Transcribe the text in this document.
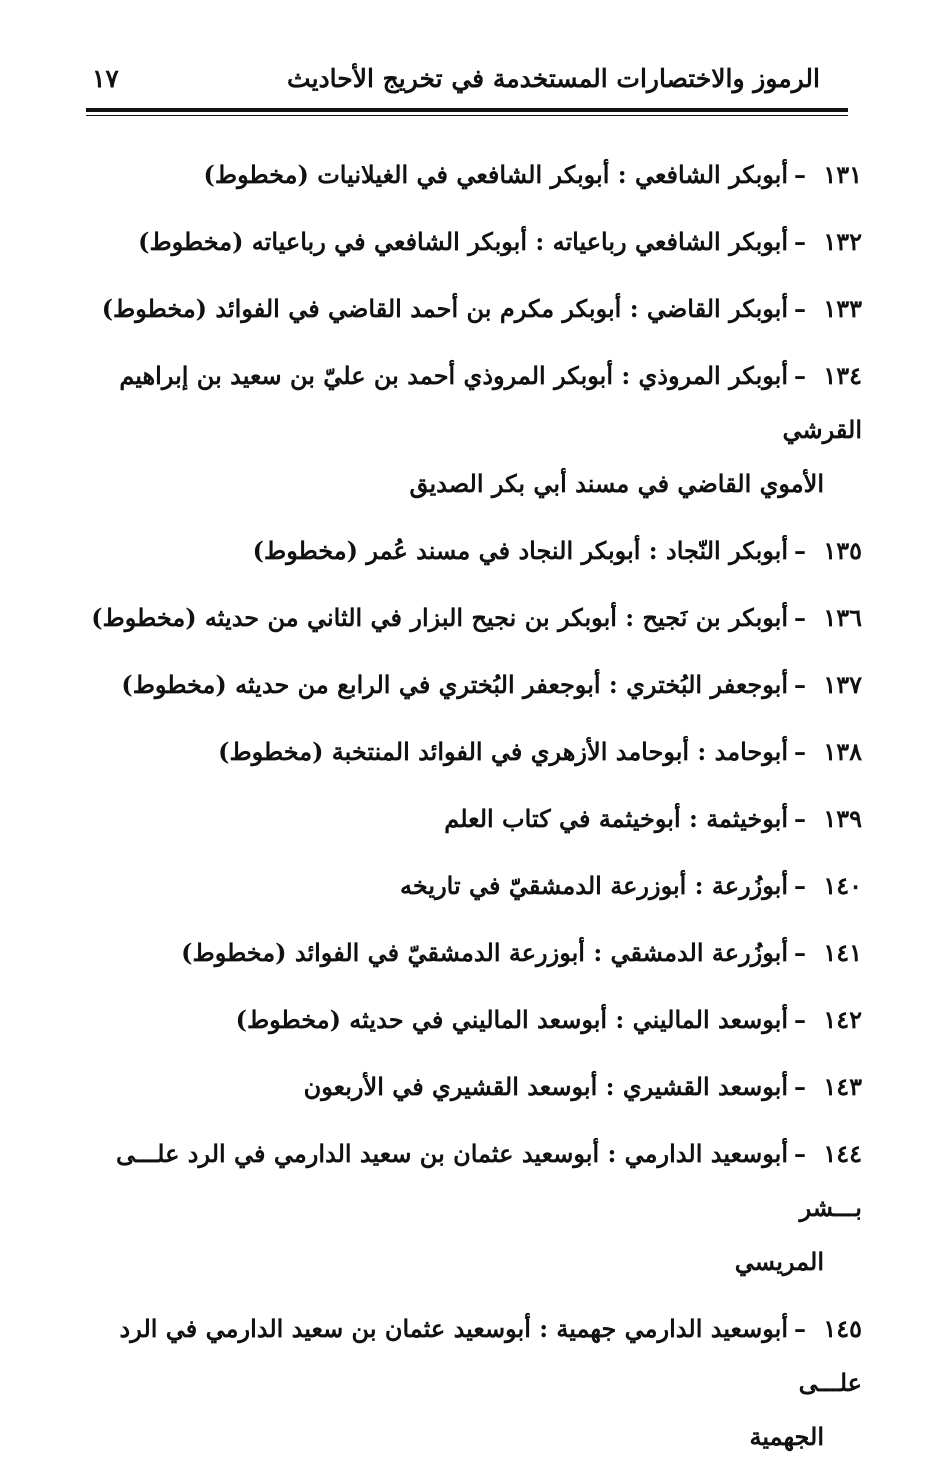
الرموز والاختصارات المستخدمة في تخريج الأحاديث
١٧
١٣١–أبوبكر الشافعي : أبوبكر الشافعي في الغيلانيات (مخطوط)
١٣٢–أبوبكر الشافعي رباعياته : أبوبكر الشافعي في رباعياته (مخطوط)
١٣٣–أبوبكر القاضي : أبوبكر مكرم بن أحمد القاضي في الفوائد (مخطوط)
١٣٤–أبوبكر المروذي : أبوبكر المروذي أحمد بن عليّ بن سعيد بن إبراهيم القرشي
الأموي القاضي في مسند أبي بكر الصديق
١٣٥–أبوبكر النّجاد : أبوبكر النجاد في مسند عُمر (مخطوط)
١٣٦–أبوبكر بن نَجيح : أبوبكر بن نجيح البزار في الثاني من حديثه (مخطوط)
١٣٧–أبوجعفر البُختري : أبوجعفر البُختري في الرابع من حديثه (مخطوط)
١٣٨–أبوحامد : أبوحامد الأزهري في الفوائد المنتخبة (مخطوط)
١٣٩–أبوخيثمة : أبوخيثمة في كتاب العلم
١٤٠–أبوزُرعة : أبوزرعة الدمشقيّ في تاريخه
١٤١–أبوزُرعة الدمشقي : أبوزرعة الدمشقيّ في الفوائد (مخطوط)
١٤٢–أبوسعد الماليني : أبوسعد الماليني في حديثه (مخطوط)
١٤٣–أبوسعد القشيري : أبوسعد القشيري في الأربعون
١٤٤–أبوسعيد الدارمي : أبوسعيد عثمان بن سعيد الدارمي في الرد علـــى بـــشر
المريسي
١٤٥–أبوسعيد الدارمي جهمية : أبوسعيد عثمان بن سعيد الدارمي في الرد علـــى
الجهمية
